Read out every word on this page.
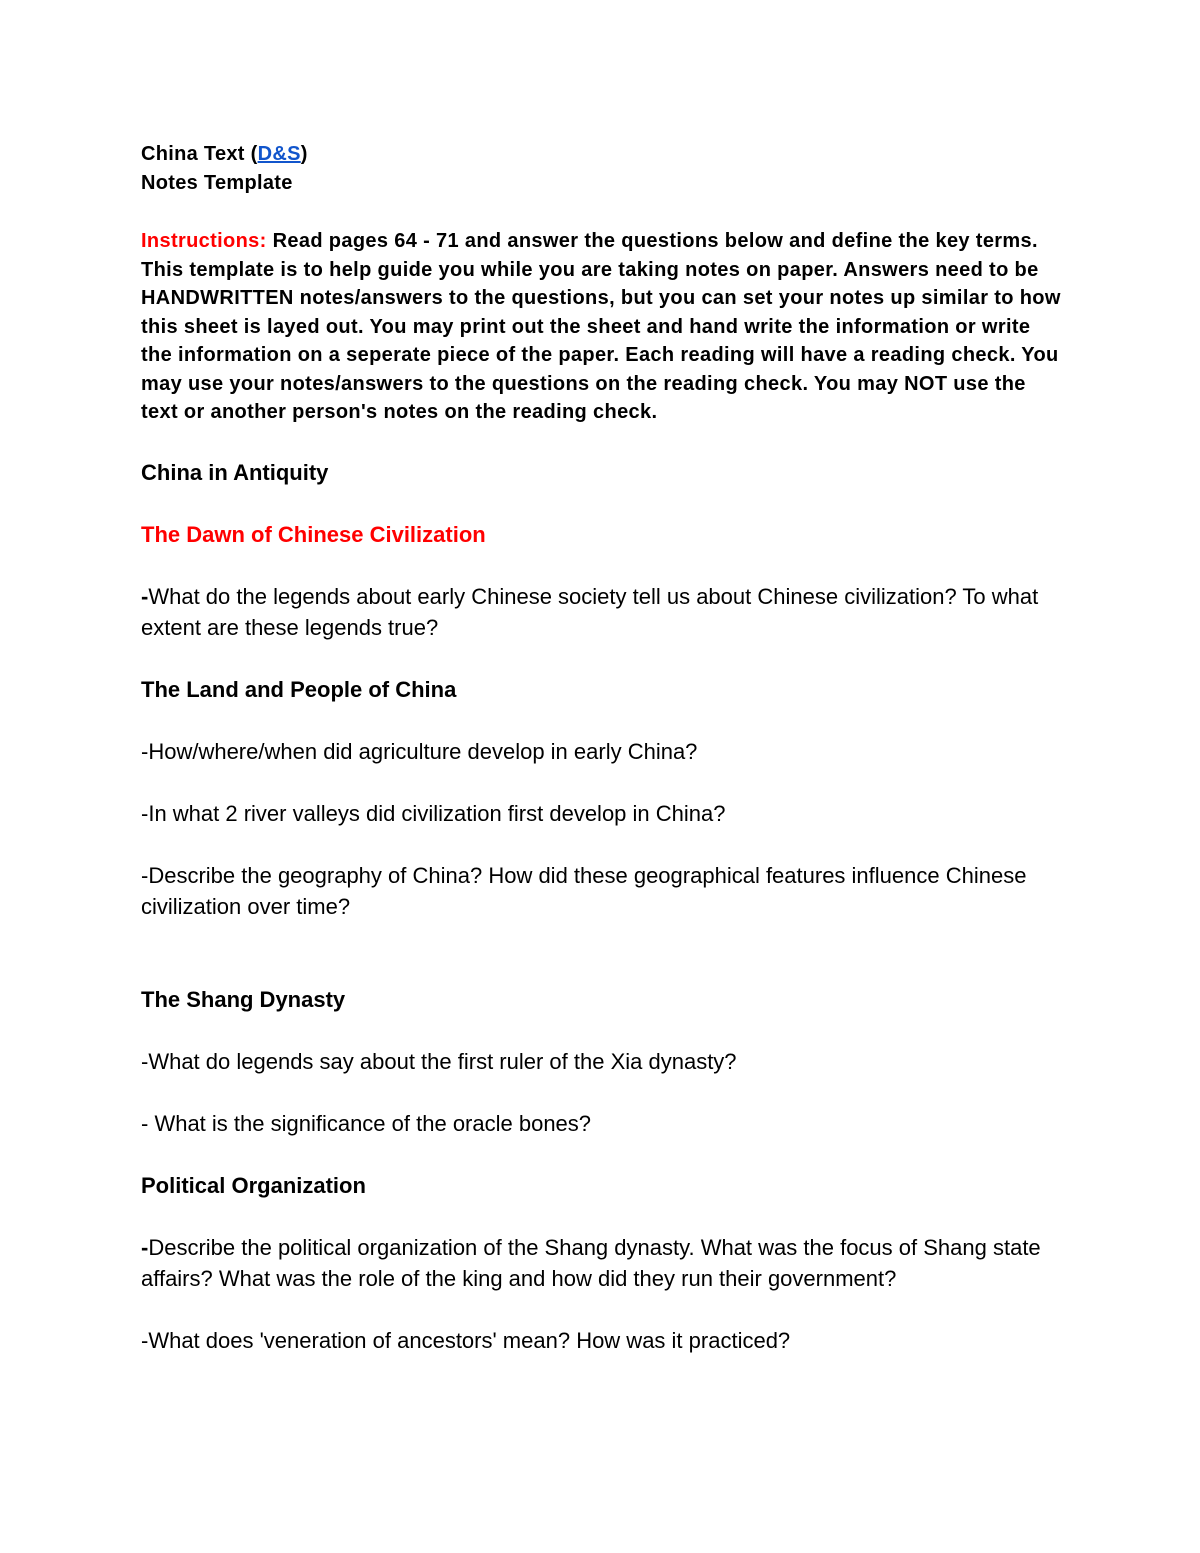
China Text (D&S)
Notes Template
Instructions: Read pages 64 - 71 and answer the questions below and define the key terms. This template is to help guide you while you are taking notes on paper. Answers need to be HANDWRITTEN notes/answers to the questions, but you can set your notes up similar to how this sheet is layed out. You may print out the sheet and hand write the information or write the information on a seperate piece of the paper. Each reading will have a reading check. You may use your notes/answers to the questions on the reading check. You may NOT use the text or another person's notes on the reading check.
China in Antiquity
The Dawn of Chinese Civilization
-What do the legends about early Chinese society tell us about Chinese civilization? To what extent are these legends true?
The Land and People of China
-How/where/when did agriculture develop in early China?
-In what 2 river valleys did civilization first develop in China?
-Describe the geography of China? How did these geographical features influence Chinese civilization over time?
The Shang Dynasty
-What do legends say about the first ruler of the Xia dynasty?
- What is the significance of the oracle bones?
Political Organization
-Describe the political organization of the Shang dynasty. What was the focus of Shang state affairs? What was the role of the king and how did they run their government?
-What does 'veneration of ancestors' mean? How was it practiced?
